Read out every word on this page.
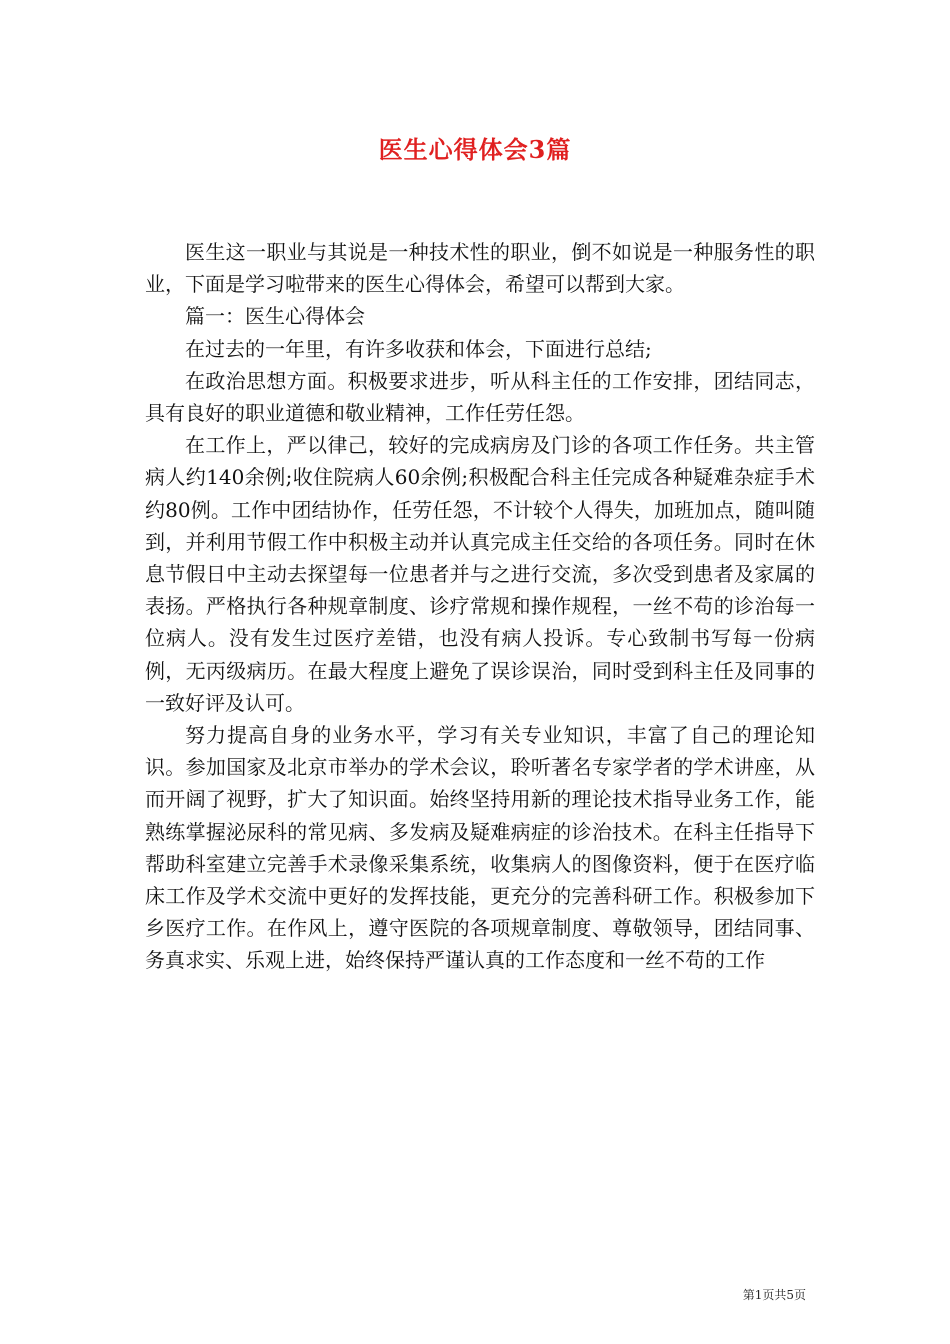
医生心得体会3篇

医生这一职业与其说是一种技术性的职业，倒不如说是一种服务性的职业，下面是学习啦带来的医生心得体会，希望可以帮到大家。

篇一：医生心得体会

在过去的一年里，有许多收获和体会，下面进行总结;

在政治思想方面。积极要求进步，听从科主任的工作安排，团结同志，具有良好的职业道德和敬业精神，工作任劳任怨。

在工作上，严以律己，较好的完成病房及门诊的各项工作任务。共主管病人约140余例;收住院病人60余例;积极配合科主任完成各种疑难杂症手术约80例。工作中团结协作，任劳任怨，不计较个人得失，加班加点，随叫随到，并利用节假工作中积极主动并认真完成主任交给的各项任务。同时在休息节假日中主动去探望每一位患者并与之进行交流，多次受到患者及家属的表扬。严格执行各种规章制度、诊疗常规和操作规程，一丝不苟的诊治每一位病人。没有发生过医疗差错，也没有病人投诉。专心致制书写每一份病例，无丙级病历。在最大程度上避免了误诊误治，同时受到科主任及同事的一致好评及认可。

努力提高自身的业务水平，学习有关专业知识，丰富了自己的理论知识。参加国家及北京市举办的学术会议，聆听著名专家学者的学术讲座，从而开阔了视野，扩大了知识面。始终坚持用新的理论技术指导业务工作，能熟练掌握泌尿科的常见病、多发病及疑难病症的诊治技术。在科主任指导下帮助科室建立完善手术录像采集系统，收集病人的图像资料，便于在医疗临床工作及学术交流中更好的发挥技能，更充分的完善科研工作。积极参加下乡医疗工作。在作风上，遵守医院的各项规章制度、尊敬领导，团结同事、务真求实、乐观上进，始终保持严谨认真的工作态度和一丝不苟的工作

第1页共5页
